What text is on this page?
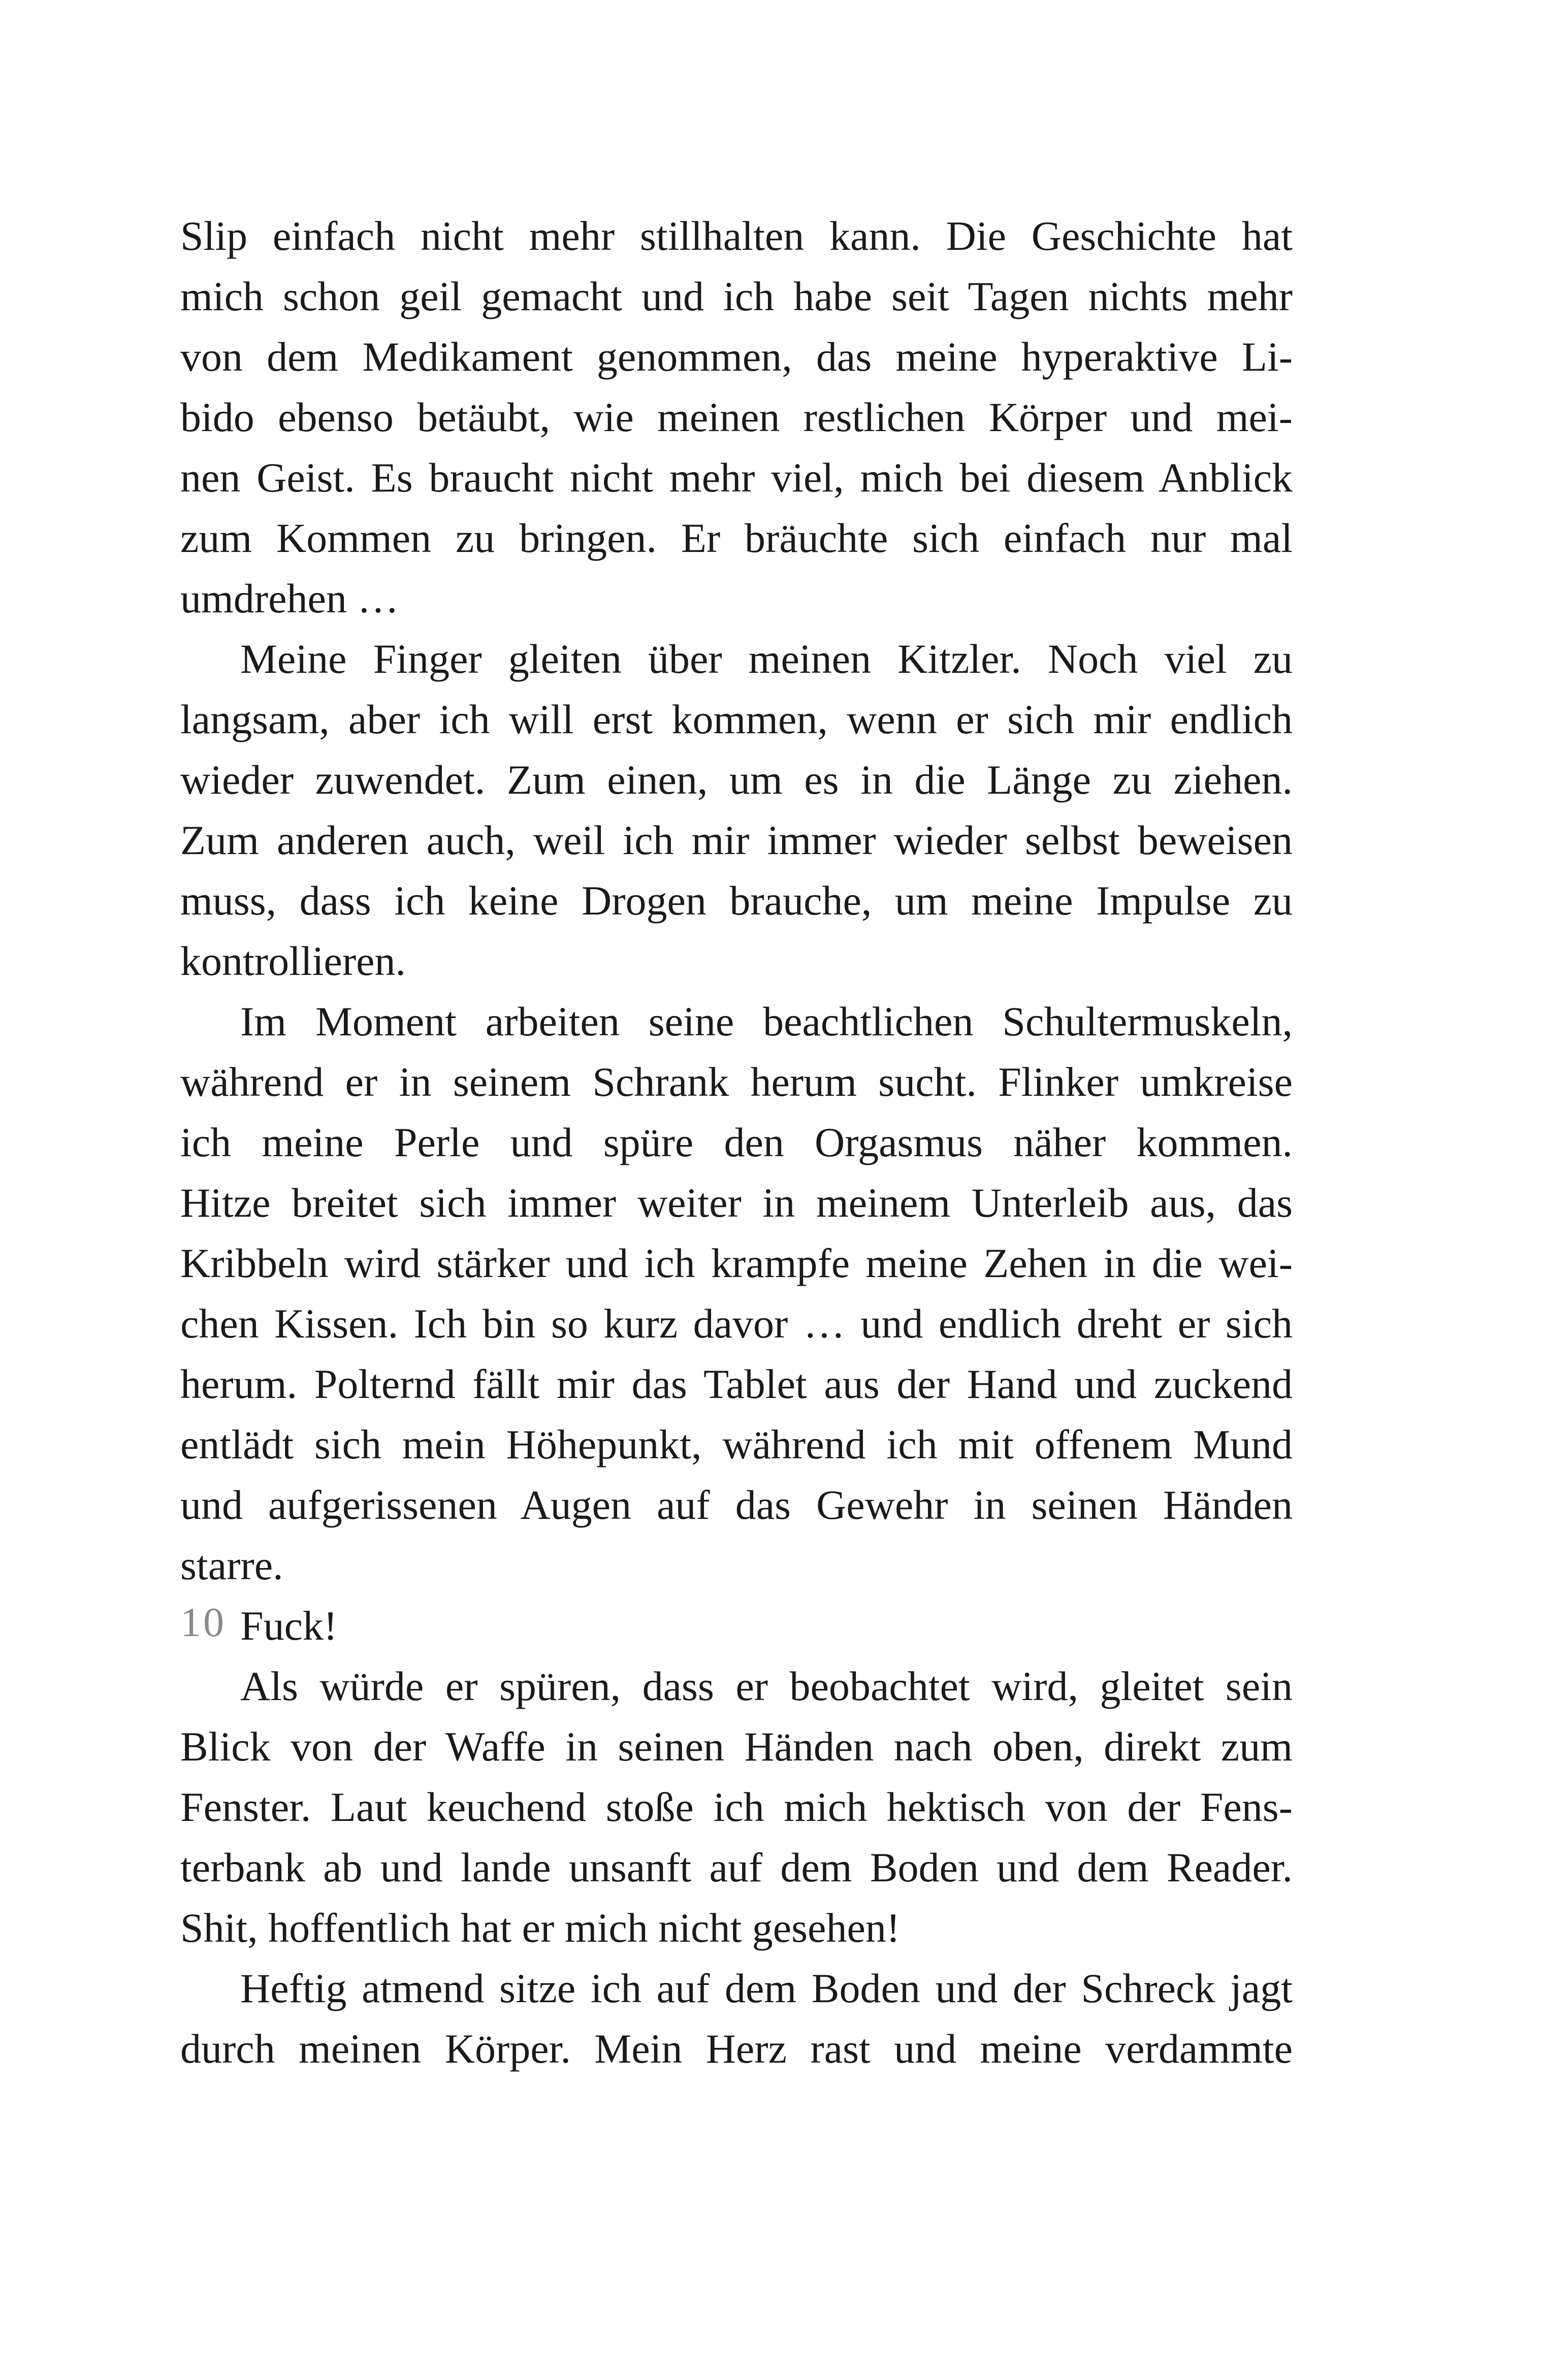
Slip einfach nicht mehr stillhalten kann. Die Geschichte hat
mich schon geil gemacht und ich habe seit Tagen nichts mehr
von dem Medikament genommen, das meine hyperaktive Li-
bido ebenso betäubt, wie meinen restlichen Körper und mei-
nen Geist. Es braucht nicht mehr viel, mich bei diesem Anblick
zum Kommen zu bringen. Er bräuchte sich einfach nur mal
umdrehen …
Meine Finger gleiten über meinen Kitzler. Noch viel zu
langsam, aber ich will erst kommen, wenn er sich mir endlich
wieder zuwendet. Zum einen, um es in die Länge zu ziehen.
Zum anderen auch, weil ich mir immer wieder selbst beweisen
muss, dass ich keine Drogen brauche, um meine Impulse zu
kontrollieren.
Im Moment arbeiten seine beachtlichen Schultermuskeln,
während er in seinem Schrank herum sucht. Flinker umkreise
ich meine Perle und spüre den Orgasmus näher kommen.
Hitze breitet sich immer weiter in meinem Unterleib aus, das
Kribbeln wird stärker und ich krampfe meine Zehen in die wei-
chen Kissen. Ich bin so kurz davor … und endlich dreht er sich
herum. Polternd fällt mir das Tablet aus der Hand und zuckend
entlädt sich mein Höhepunkt, während ich mit offenem Mund
und aufgerissenen Augen auf das Gewehr in seinen Händen
starre.
Fuck!
Als würde er spüren, dass er beobachtet wird, gleitet sein
Blick von der Waffe in seinen Händen nach oben, direkt zum
Fenster. Laut keuchend stoße ich mich hektisch von der Fens-
terbank ab und lande unsanft auf dem Boden und dem Reader.
Shit, hoffentlich hat er mich nicht gesehen!
Heftig atmend sitze ich auf dem Boden und der Schreck jagt
durch meinen Körper. Mein Herz rast und meine verdammte
10
